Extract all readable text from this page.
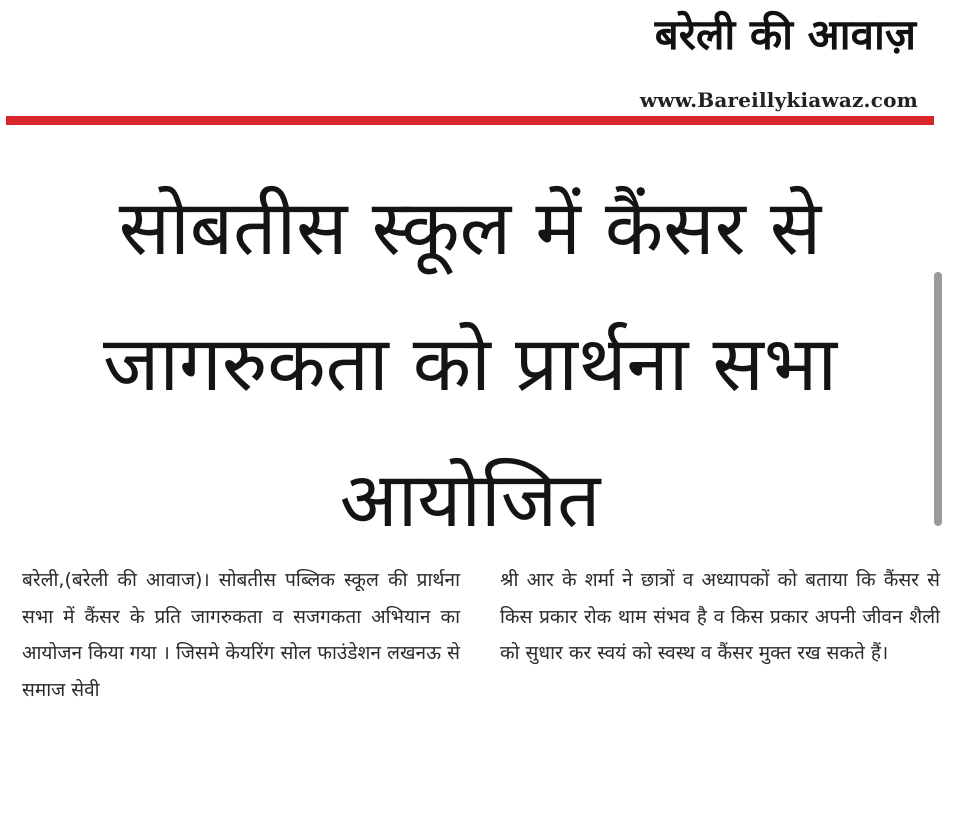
बरेली की आवाज़
www.Bareillykiawaz.com
सोबतीस स्कूल में कैंसर से जागरुकता को प्रार्थना सभा आयोजित

बरेली,(बरेली की आवाज)। सोबतीस पब्लिक स्कूल की प्रार्थना सभा में कैंसर के प्रति जागरुकता व सजगकता अभियान का आयोजन किया गया । जिसमे केयरिंग सोल फाउंडेशन लखनऊ से समाज सेवी

श्री आर के शर्मा ने छात्रों व अध्यापकों को बताया कि कैंसर से किस प्रकार रोक थाम संभव है व किस प्रकार अपनी जीवन शैली को सुधार कर स्वयं को स्वस्थ व कैंसर मुक्त रख सकते हैं।
